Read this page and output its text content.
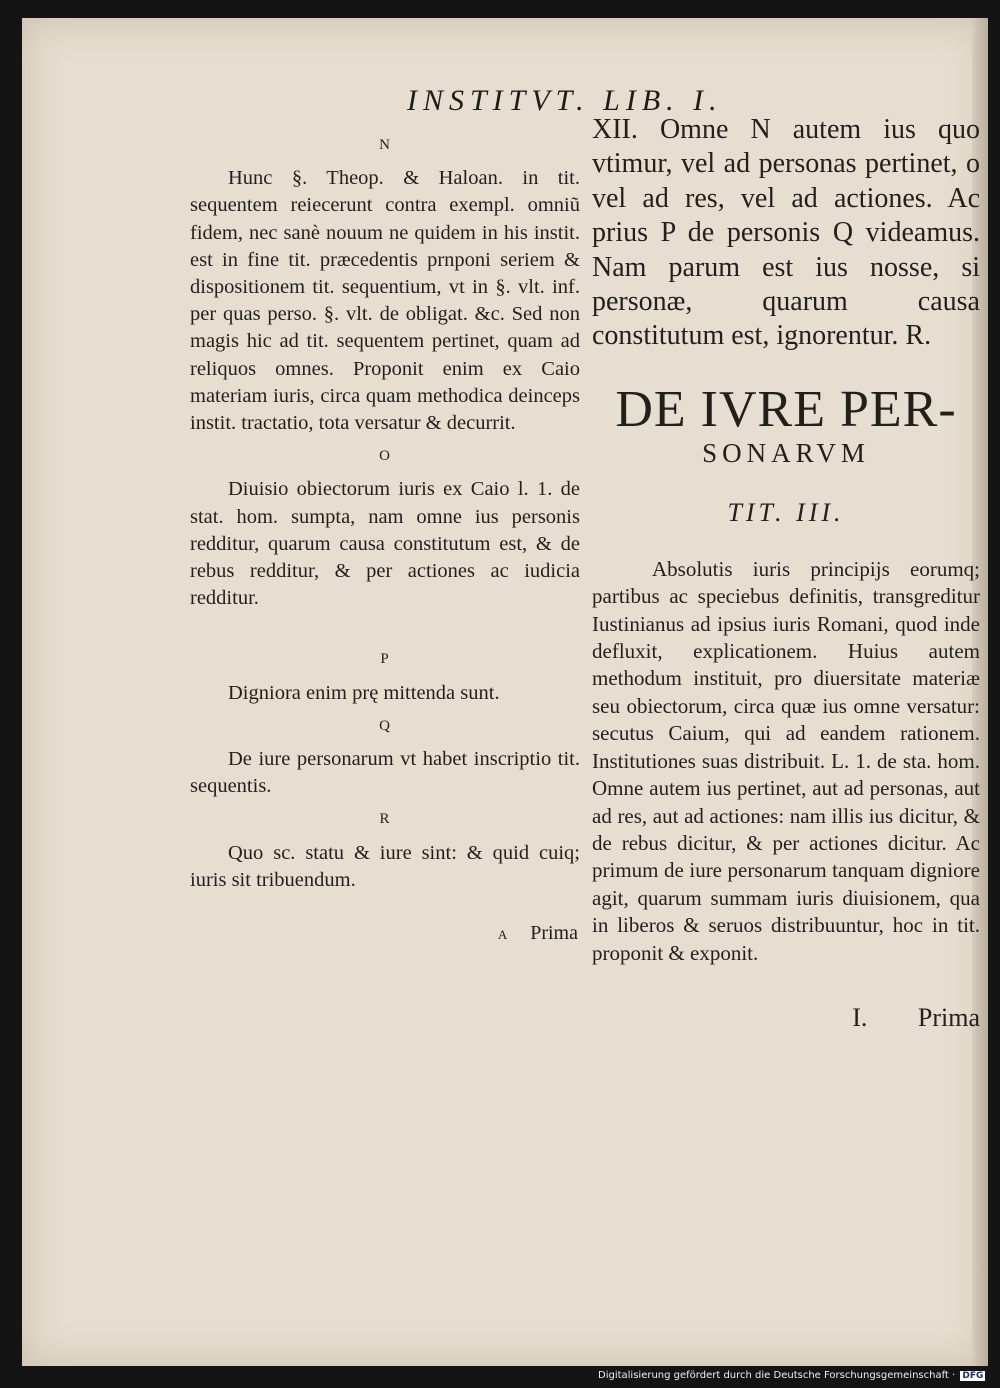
INSTITVT. LIB. I.
N

Hunc §. Theop. & Haloan. in tit. sequentem reiecerunt contra exempl. omniũ fidem, nec sanè nouum ne quidem in his instit. est in fine tit. præcedentis prnponi seriem & dispositionem tit. sequentium, vt in §. vlt. inf. per quas perso. §. vlt. de obligat. &c. Sed non magis hic ad tit. sequentem pertinet, quam ad reliquos omnes. Proponit enim ex Caio materiam iuris, circa quam methodica deinceps instit. tractatio, tota versatur & decurrit.

O

Diuisio obiectorum iuris ex Caio l. 1. de stat. hom. sumpta, nam omne ius personis redditur, quarum causa constitutum est, & de rebus redditur, & per actiones ac iudicia redditur.

P

Digniora enim prę mittenda sunt.

Q

De iure personarum vt habet inscriptio tit. sequentis.

R

Quo sc. statu & iure sint: & quid cuiq; iuris sit tribuendum.

A Prima

XII. Omne N autem ius quo vtimur, vel ad personas pertinet, o vel ad res, vel ad actiones. Ac prius P de personis Q videamus. Nam parum est ius nosse, si personæ, quarum causa constitutum est, ignorentur. R.

DE IVRE PER-
SONARVM
TIT. III.

Absolutis iuris principijs eorumq; partibus ac speciebus definitis, transgreditur Iustinianus ad ipsius iuris Romani, quod inde defluxit, explicationem. Huius autem methodum instituit, pro diuersitate materiæ seu obiectorum, circa quæ ius omne versatur: secutus Caium, qui ad eandem rationem. Institutiones suas distribuit. L. 1. de sta. hom. Omne autem ius pertinet, aut ad personas, aut ad res, aut ad actiones: nam illis ius dicitur, & de rebus dicitur, & per actiones dicitur. Ac primum de iure personarum tanquam digniore agit, quarum summam iuris diuisionem, qua in liberos & seruos distribuuntur, hoc in tit. proponit & exponit.

I. Prima
Digitalisierung gefördert durch die Deutsche Forschungsgemeinschaft · DFG
